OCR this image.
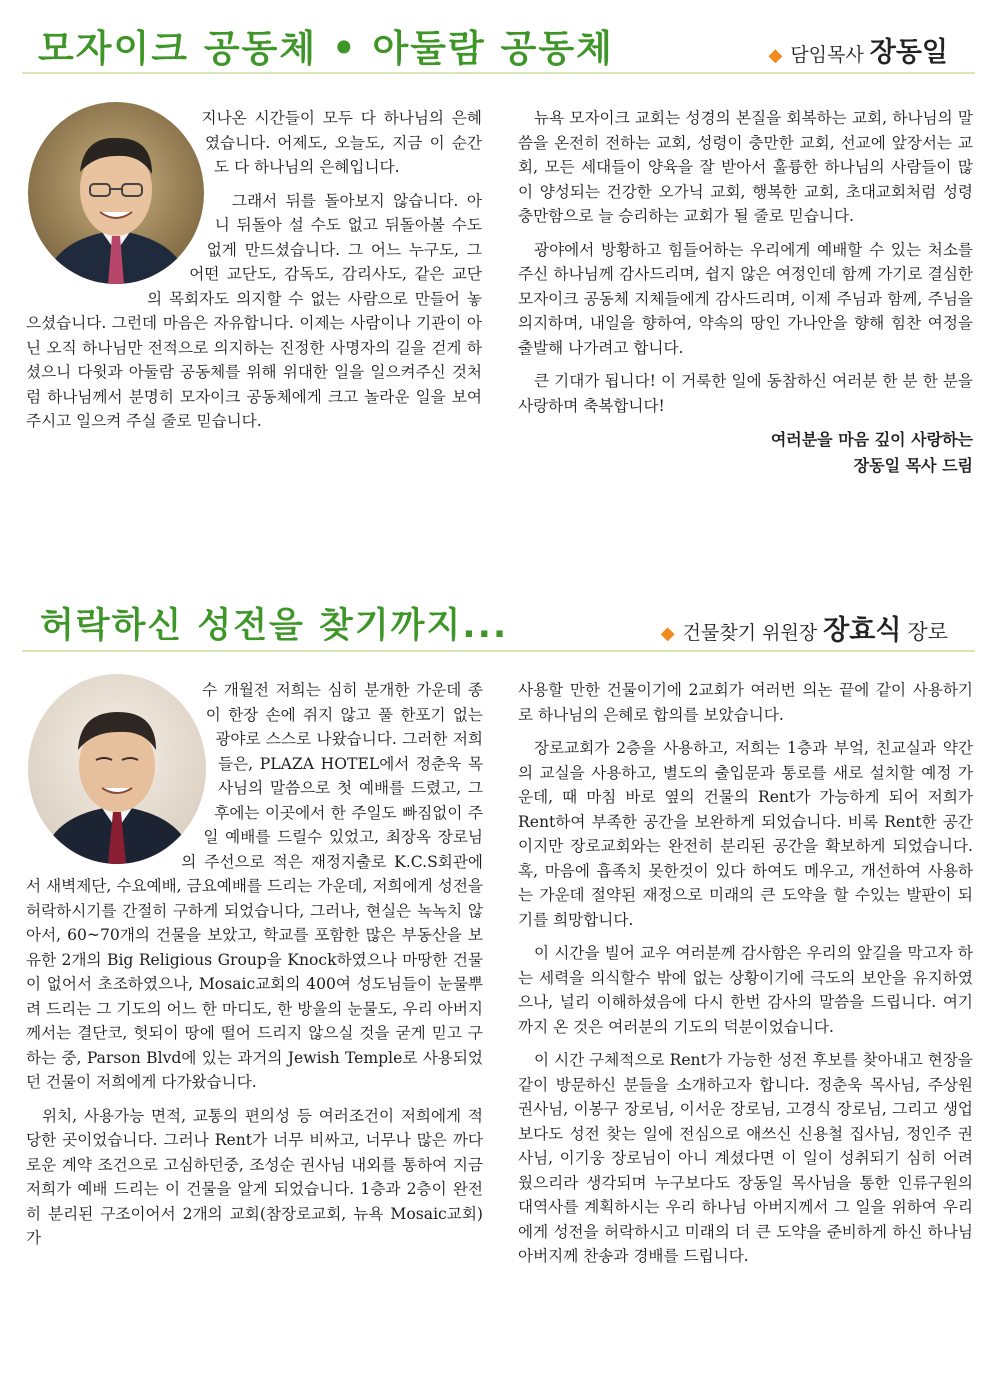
모자이크 공동체 • 아둘람 공동체	◆ 담임목사 장동일

지나온 시간들이 모두 다 하나님의 은혜였습니다. 어제도, 오늘도, 지금 이 순간도 다 하나님의 은혜입니다.

그래서 뒤를 돌아보지 않습니다. 아니 뒤돌아 설 수도 없고 뒤돌아볼 수도 없게 만드셨습니다. 그 어느 누구도, 그 어떤 교단도, 감독도, 감리사도, 같은 교단의 목회자도 의지할 수 없는 사람으로 만들어 놓으셨습니다. 그런데 마음은 자유합니다. 이제는 사람이나 기관이 아닌 오직 하나님만 전적으로 의지하는 진정한 사명자의 길을 걷게 하셨으니 다윗과 아둘람 공동체를 위해 위대한 일을 일으켜주신 것처럼 하나님께서 분명히 모자이크 공동체에게 크고 놀라운 일을 보여주시고 일으켜 주실 줄로 믿습니다.

뉴욕 모자이크 교회는 성경의 본질을 회복하는 교회, 하나님의 말씀을 온전히 전하는 교회, 성령이 충만한 교회, 선교에 앞장서는 교회, 모든 세대들이 양육을 잘 받아서 훌륭한 하나님의 사람들이 많이 양성되는 건강한 오가닉 교회, 행복한 교회, 초대교회처럼 성령 충만함으로 늘 승리하는 교회가 될 줄로 믿습니다.

광야에서 방황하고 힘들어하는 우리에게 예배할 수 있는 처소를 주신 하나님께 감사드리며, 쉽지 않은 여정인데 함께 가기로 결심한 모자이크 공동체 지체들에게 감사드리며, 이제 주님과 함께, 주님을 의지하며, 내일을 향하여, 약속의 땅인 가나안을 향해 힘찬 여정을 출발해 나가려고 합니다.

큰 기대가 됩니다! 이 거룩한 일에 동참하신 여러분 한 분 한 분을 사랑하며 축복합니다!

여러분을 마음 깊이 사랑하는
장동일 목사 드림
허락하신 성전을 찾기까지...	◆ 건물찾기 위원장 장효식 장로

수 개월전 저희는 심히 분개한 가운데 종이 한장 손에 쥐지 않고 풀 한포기 없는 광야로 스스로 나왔습니다. 그러한 저희들은, PLAZA HOTEL에서 정춘욱 목사님의 말씀으로 첫 예배를 드렸고, 그 후에는 이곳에서 한 주일도 빠짐없이 주일 예배를 드릴수 있었고, 최장옥 장로님의 주선으로 적은 재정지출로 K.C.S회관에서 새벽제단, 수요예배, 금요예배를 드리는 가운데, 저희에게 성전을 허락하시기를 간절히 구하게 되었습니다, 그러나, 현실은 녹녹치 않아서, 60~70개의 건물을 보았고, 학교를 포함한 많은 부동산을 보유한 2개의 Big Religious Group을 Knock하였으나 마땅한 건물이 없어서 초조하였으나, Mosaic교회의 400여 성도님들이 눈물뿌려 드리는 그 기도의 어느 한 마디도, 한 방울의 눈물도, 우리 아버지께서는 결단코, 헛되이 땅에 떨어 드리지 않으실 것을 굳게 믿고 구하는 중, Parson Blvd에 있는 과거의 Jewish Temple로 사용되었던 건물이 저희에게 다가왔습니다.

위치, 사용가능 면적, 교통의 편의성 등 여러조건이 저희에게 적당한 곳이었습니다. 그러나 Rent가 너무 비싸고, 너무나 많은 까다로운 계약 조건으로 고심하던중, 조성순 권사님 내외를 통하여 지금 저희가 예배 드리는 이 건물을 알게 되었습니다. 1층과 2층이 완전히 분리된 구조이어서 2개의 교회(참장로교회, 뉴욕 Mosaic교회)가

사용할 만한 건물이기에 2교회가 여러번 의논 끝에 같이 사용하기로 하나님의 은혜로 합의를 보았습니다.

장로교회가 2층을 사용하고, 저희는 1층과 부엌, 친교실과 약간의 교실을 사용하고, 별도의 출입문과 통로를 새로 설치할 예정 가운데, 때 마침 바로 옆의 건물의 Rent가 가능하게 되어 저희가 Rent하여 부족한 공간을 보완하게 되었습니다. 비록 Rent한 공간이지만 장로교회와는 완전히 분리된 공간을 확보하게 되었습니다. 혹, 마음에 흡족치 못한것이 있다 하여도 메우고, 개선하여 사용하는 가운데 절약된 재정으로 미래의 큰 도약을 할 수있는 발판이 되기를 희망합니다.

이 시간을 빌어 교우 여러분께 감사함은 우리의 앞길을 막고자 하는 세력을 의식할수 밖에 없는 상황이기에 극도의 보안을 유지하였으나, 널리 이해하셨음에 다시 한번 감사의 말씀을 드립니다. 여기까지 온 것은 여러분의 기도의 덕분이었습니다.

이 시간 구체적으로 Rent가 가능한 성전 후보를 찾아내고 현장을 같이 방문하신 분들을 소개하고자 합니다. 정춘욱 목사님, 주상원 권사님, 이봉구 장로님, 이서운 장로님, 고경식 장로님, 그리고 생업보다도 성전 찾는 일에 전심으로 애쓰신 신용철 집사님, 정인주 권사님, 이기웅 장로님이 아니 계셨다면 이 일이 성취되기 심히 어려웠으리라 생각되며 누구보다도 장동일 목사님을 통한 인류구원의 대역사를 계획하시는 우리 하나님 아버지께서 그 일을 위하여 우리에게 성전을 허락하시고 미래의 더 큰 도약을 준비하게 하신 하나님 아버지께 찬송과 경배를 드립니다.
